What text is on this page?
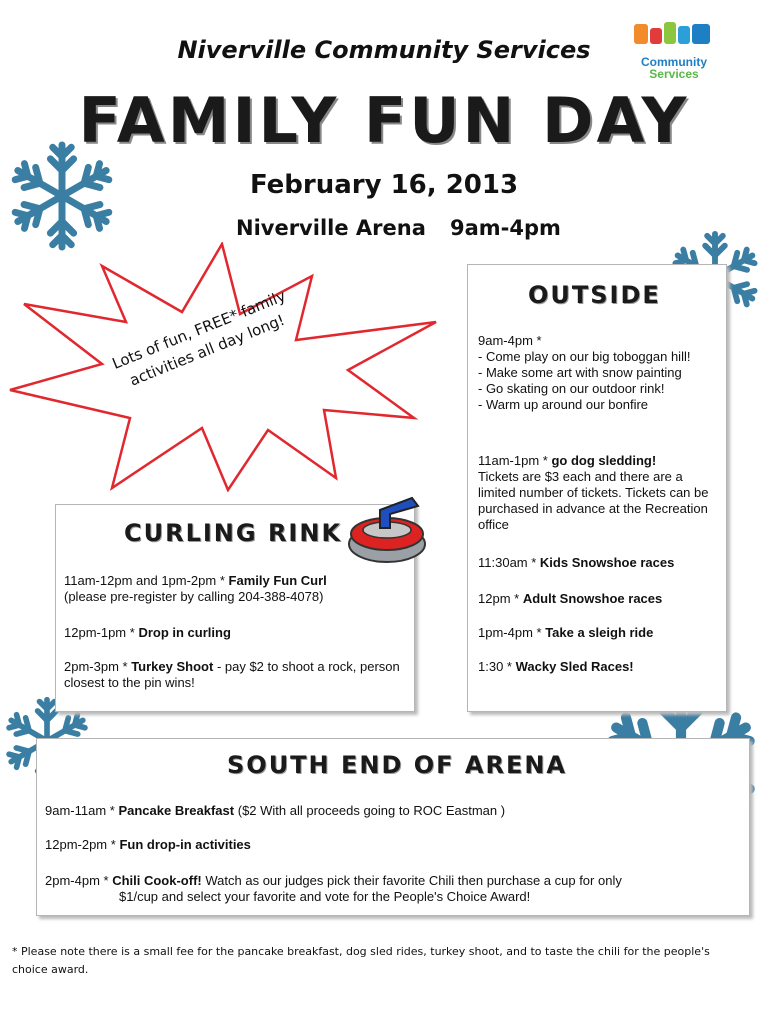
Niverville Community Services
FAMILY FUN DAY
February 16, 2013
Niverville Arena 9am-4pm
Community
Services
Lots of fun, FREE* family activities all day long!
OUTSIDE
9am-4pm *
- Come play on our big toboggan hill!
- Make some art with snow painting
- Go skating on our outdoor rink!
- Warm up around our bonfire
11am-1pm * go dog sledding!
Tickets are $3 each and there are a limited number of tickets. Tickets can be purchased in advance at the Recreation office
11:30am * Kids Snowshoe races
12pm * Adult Snowshoe races
1pm-4pm * Take a sleigh ride
1:30 * Wacky Sled Races!
CURLING RINK
11am-12pm and 1pm-2pm * Family Fun Curl
(please pre-register by calling 204-388-4078)
12pm-1pm * Drop in curling
2pm-3pm * Turkey Shoot - pay $2 to shoot a rock, person closest to the pin wins!
SOUTH END OF ARENA
9am-11am * Pancake Breakfast ($2 With all proceeds going to ROC Eastman )
12pm-2pm * Fun drop-in activities
2pm-4pm * Chili Cook-off! Watch as our judges pick their favorite Chili then purchase a cup for only
$1/cup and select your favorite and vote for the People's Choice Award!
* Please note there is a small fee for the pancake breakfast, dog sled rides, turkey shoot, and to taste the chili for the people's choice award.
